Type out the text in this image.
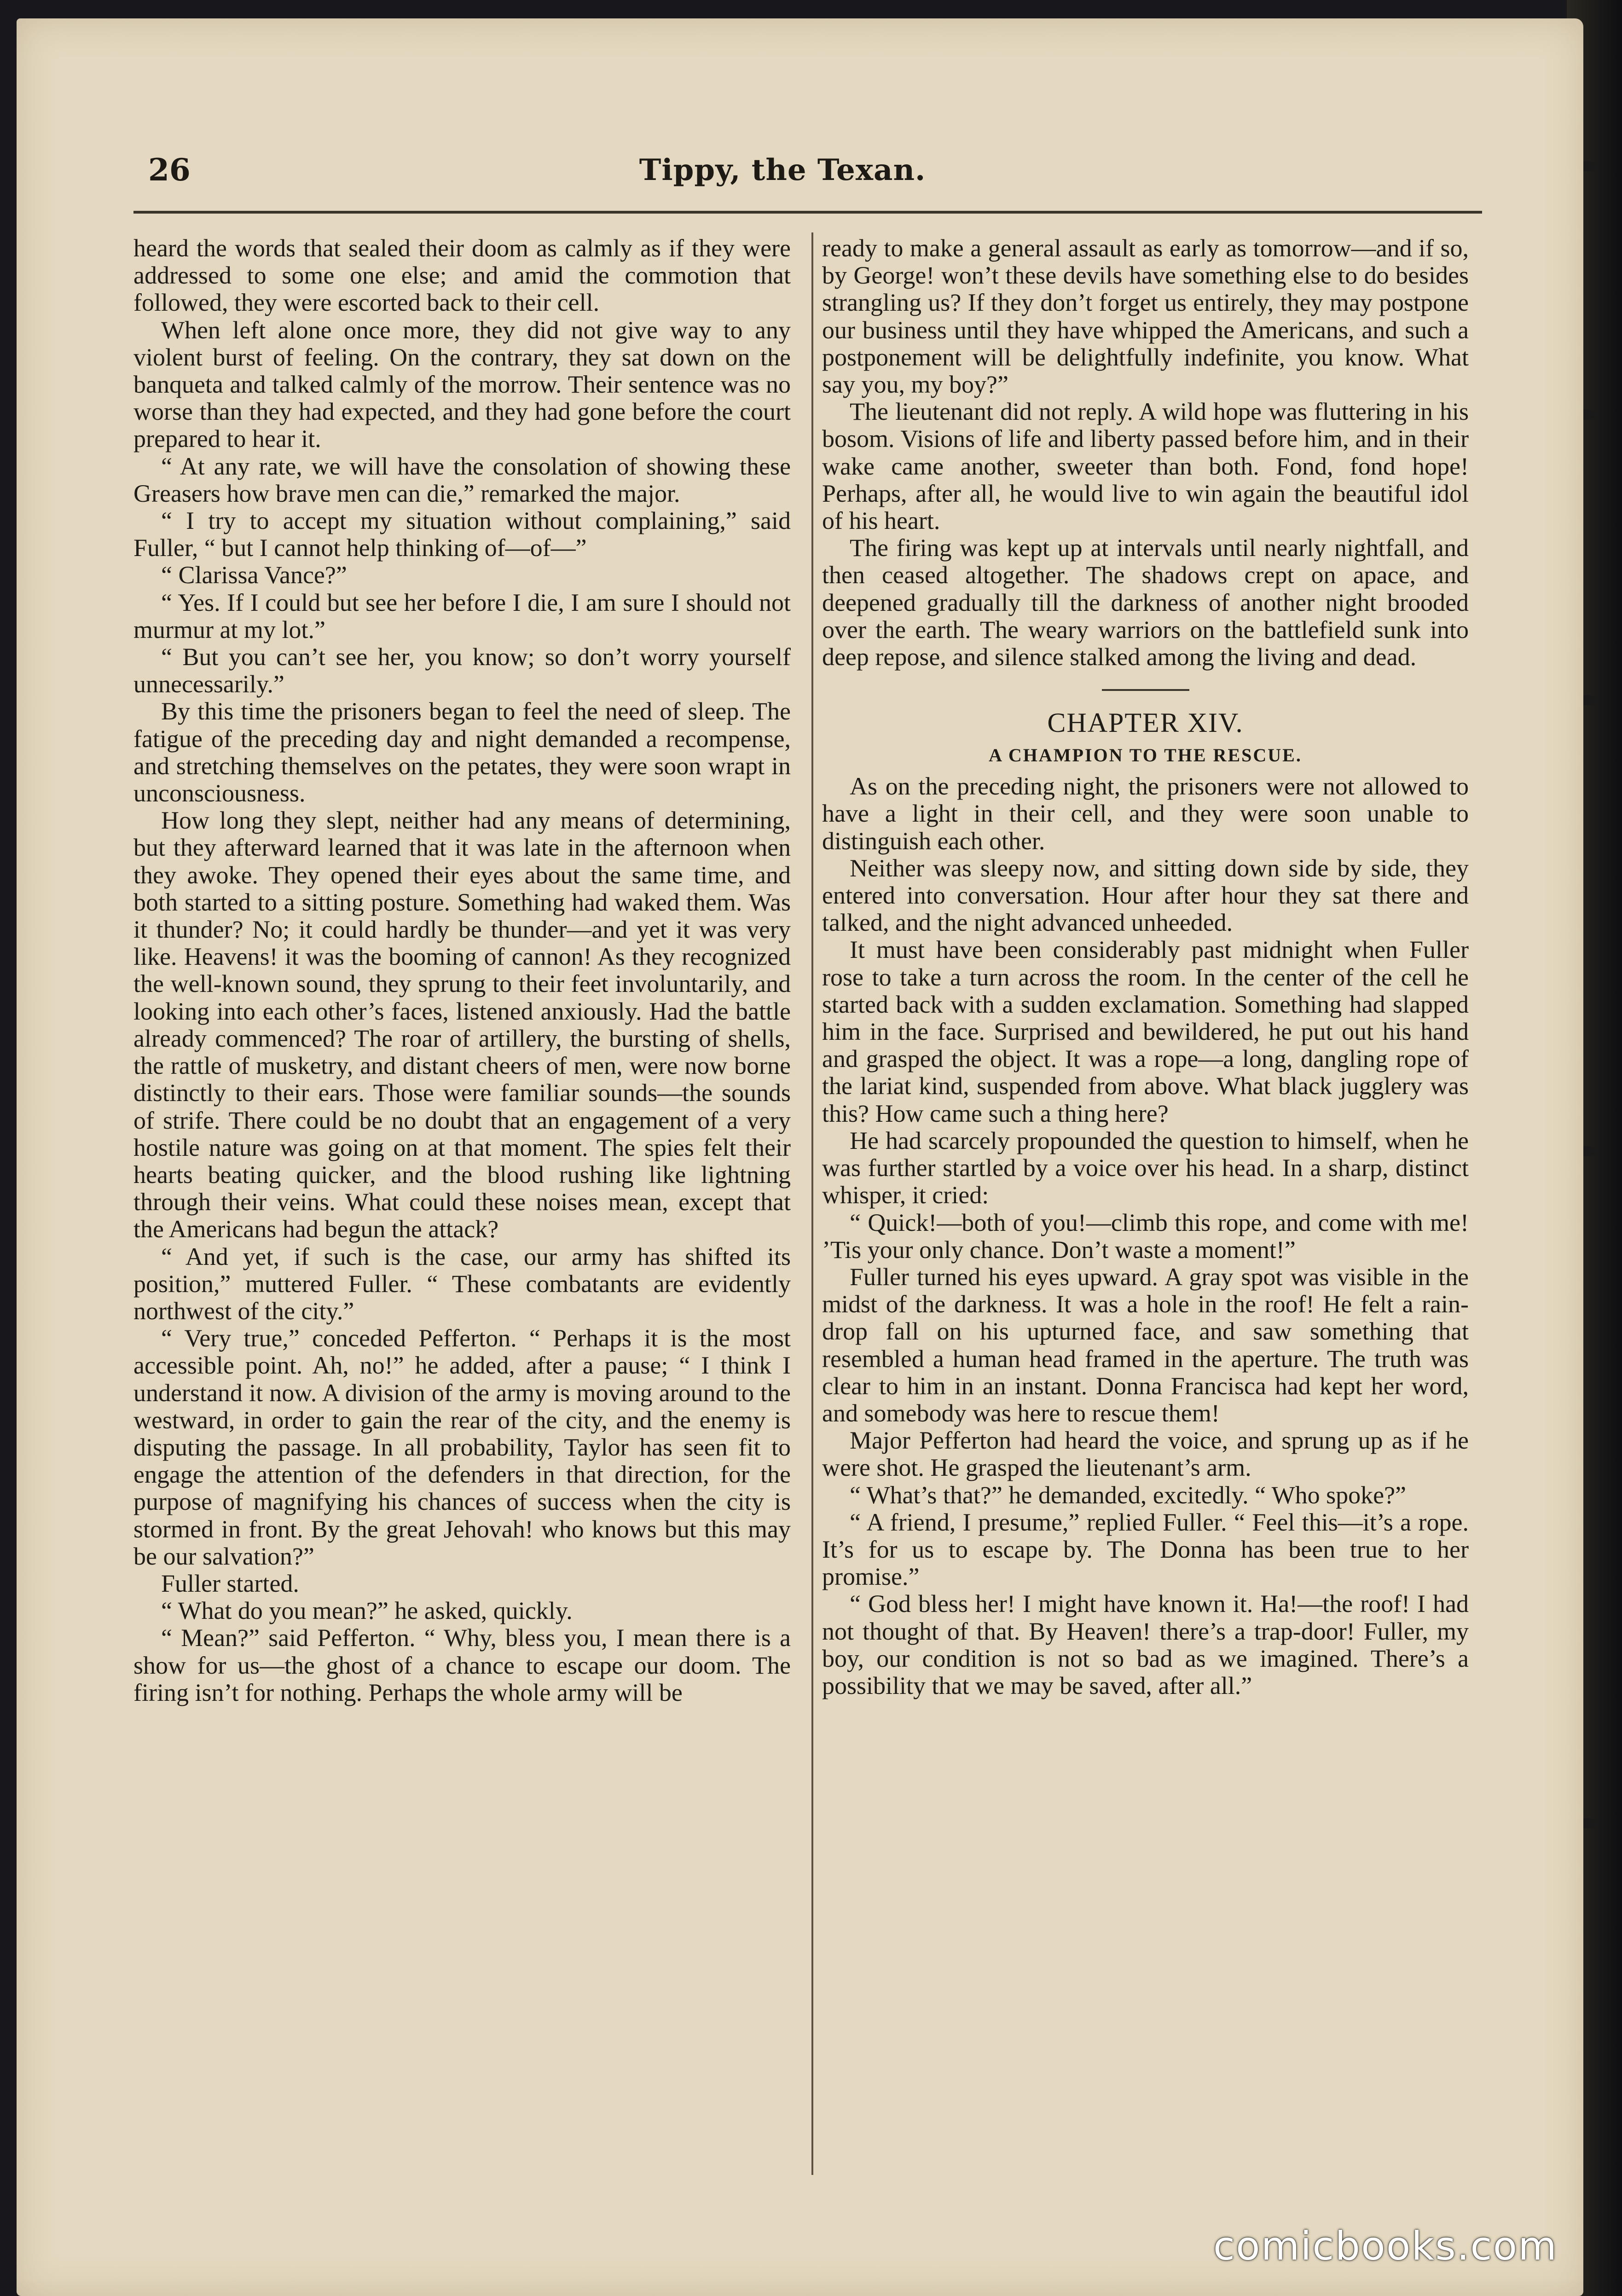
26	Tippy, the Texan.

heard the words that sealed their doom as calmly as if they were addressed to some one else; and amid the commotion that followed, they were escorted back to their cell.

When left alone once more, they did not give way to any violent burst of feeling. On the contrary, they sat down on the banqueta and talked calmly of the morrow. Their sentence was no worse than they had expected, and they had gone before the court prepared to hear it.

“ At any rate, we will have the consolation of showing these Greasers how brave men can die,” remarked the major.

“ I try to accept my situation without complaining,” said Fuller, “ but I cannot help thinking of—of—”

“ Clarissa Vance?”

“ Yes. If I could but see her before I die, I am sure I should not murmur at my lot.”

“ But you can’t see her, you know; so don’t worry yourself unnecessarily.”

By this time the prisoners began to feel the need of sleep. The fatigue of the preceding day and night demanded a recompense, and stretching themselves on the petates, they were soon wrapt in unconsciousness.

How long they slept, neither had any means of determining, but they afterward learned that it was late in the afternoon when they awoke. They opened their eyes about the same time, and both started to a sitting posture. Something had waked them. Was it thunder? No; it could hardly be thunder—and yet it was very like. Heavens! it was the booming of cannon! As they recognized the well-known sound, they sprung to their feet involuntarily, and looking into each other’s faces, listened anxiously. Had the battle already commenced? The roar of artillery, the bursting of shells, the rattle of musketry, and distant cheers of men, were now borne distinctly to their ears. Those were familiar sounds—the sounds of strife. There could be no doubt that an engagement of a very hostile nature was going on at that moment. The spies felt their hearts beating quicker, and the blood rushing like lightning through their veins. What could these noises mean, except that the Americans had begun the attack?

“ And yet, if such is the case, our army has shifted its position,” muttered Fuller. “ These combatants are evidently northwest of the city.”

“ Very true,” conceded Pefferton. “ Perhaps it is the most accessible point. Ah, no!” he added, after a pause; “ I think I understand it now. A division of the army is moving around to the westward, in order to gain the rear of the city, and the enemy is disputing the passage. In all probability, Taylor has seen fit to engage the attention of the defenders in that direction, for the purpose of magnifying his chances of success when the city is stormed in front. By the great Jehovah! who knows but this may be our salvation?”

Fuller started.

“ What do you mean?” he asked, quickly.

“ Mean?” said Pefferton. “ Why, bless you, I mean there is a show for us—the ghost of a chance to escape our doom. The firing isn’t for nothing. Perhaps the whole army will be

ready to make a general assault as early as tomorrow—and if so, by George! won’t these devils have something else to do besides strangling us? If they don’t forget us entirely, they may postpone our business until they have whipped the Americans, and such a postponement will be delightfully indefinite, you know. What say you, my boy?”

The lieutenant did not reply. A wild hope was fluttering in his bosom. Visions of life and liberty passed before him, and in their wake came another, sweeter than both. Fond, fond hope! Perhaps, after all, he would live to win again the beautiful idol of his heart.

The firing was kept up at intervals until nearly nightfall, and then ceased altogether. The shadows crept on apace, and deepened gradually till the darkness of another night brooded over the earth. The weary warriors on the battlefield sunk into deep repose, and silence stalked among the living and dead.

CHAPTER XIV.
A CHAMPION TO THE RESCUE.

As on the preceding night, the prisoners were not allowed to have a light in their cell, and they were soon unable to distinguish each other.

Neither was sleepy now, and sitting down side by side, they entered into conversation. Hour after hour they sat there and talked, and the night advanced unheeded.

It must have been considerably past midnight when Fuller rose to take a turn across the room. In the center of the cell he started back with a sudden exclamation. Something had slapped him in the face. Surprised and bewildered, he put out his hand and grasped the object. It was a rope—a long, dangling rope of the lariat kind, suspended from above. What black jugglery was this? How came such a thing here?

He had scarcely propounded the question to himself, when he was further startled by a voice over his head. In a sharp, distinct whisper, it cried:

“ Quick!—both of you!—climb this rope, and come with me! ’Tis your only chance. Don’t waste a moment!”

Fuller turned his eyes upward. A gray spot was visible in the midst of the darkness. It was a hole in the roof! He felt a rain-drop fall on his upturned face, and saw something that resembled a human head framed in the aperture. The truth was clear to him in an instant. Donna Francisca had kept her word, and somebody was here to rescue them!

Major Pefferton had heard the voice, and sprung up as if he were shot. He grasped the lieutenant’s arm.

“ What’s that?” he demanded, excitedly. “ Who spoke?”

“ A friend, I presume,” replied Fuller. “ Feel this—it’s a rope. It’s for us to escape by. The Donna has been true to her promise.”

“ God bless her! I might have known it. Ha!—the roof! I had not thought of that. By Heaven! there’s a trap-door! Fuller, my boy, our condition is not so bad as we imagined. There’s a possibility that we may be saved, after all.”

comicbooks.com
